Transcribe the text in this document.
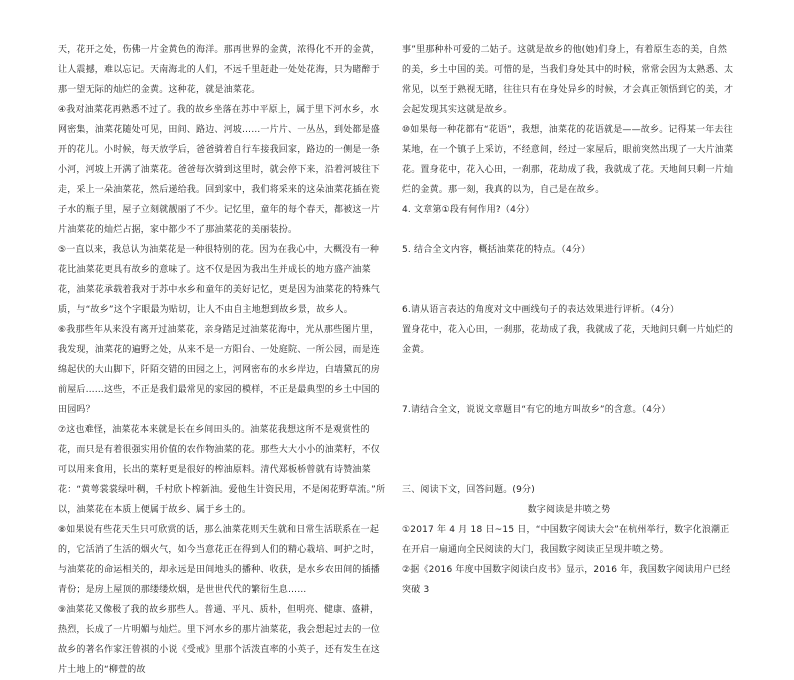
天，花开之处，伤佛一片金黄色的海洋。那再世界的金黄，浓得化不开的金黄，让人震撼，难以忘记。天南海北的人们，不远千里赶赴一处处花海，只为睹醉于那一望无际的灿烂的金黄。这种花，就是油菜花。

④我对油菜花再熟悉不过了。我的故乡坐落在苏中平原上，属于里下河水乡，水网密集，油菜花随处可见，田间、路边、河坡……一片片、一丛丛，到处都是盛开的花儿。小时候，每天放学后，爸爸骑着自行车接我回家，路边的一侧是一条小河，河坡上开满了油菜花。爸爸每次骑到这里时，就会停下来，沿着河坡往下走，采上一朵油菜花，然后递给我。回到家中，我们将采来的这朵油菜花插在瓷子水的瓶子里，屋子立刻就靓丽了不少。记忆里，童年的每个春天，都被这一片片油菜花的灿烂占据，家中都少不了那油菜花的美丽装扮。

⑤一直以来，我总认为油菜花是一种很特别的花。因为在我心中，大概没有一种花比油菜花更具有故乡的意味了。这不仅是因为我出生并成长的地方盛产油菜花，油菜花承载着我对于苏中水乡和童年的美好记忆，更是因为油菜花的特殊气质，与“故乡”这个字眼最为贴切，让人不由自主地想到故乡景，故乡人。

⑥我那些年从来没有离开过油菜花，亲身踏足过油菜花海中，光从那些图片里，我发现，油菜花的遍野之处，从来不是一方阳台、一处庭院、一所公园，而是连绵起伏的大山脚下，阡陌交错的田园之上，河网密布的水乡岸边，白墙黛瓦的房前屋后……这些，不正是我们最常见的家园的模样，不正是最典型的乡土中国的田园吗？

⑦这也难怪，油菜花本来就是长在乡间田头的。油菜花我想这所不是观赏性的花，而只是有着很强实用价值的农作物油菜的花。那些大大小小的油菜籽，不仅可以用来食用，长出的菜籽更是很好的榨油原料。清代郑板桥曾就有诗赞油菜花：“黄萼裳裳绿叶稠，千村欣卜榨新油。爱他生计资民用，不是闲花野草流。”所以，油菜花在本质上便属于故乡、属于乡土的。

⑧如果说有些花天生只可欣赏的话，那么油菜花则天生就和日常生活联系在一起的，它活消了生活的烟火气，如今当意花正在得到人们的精心栽培、呵护之时，与油菜花的命运相关的，却永远是田间地头的播种、收获，是水乡农田间的插播青份；是房上屋顶的那缕缕炊烟，是世世代代的繁衍生息……

⑨油菜花又像极了我的故乡那些人。普通、平凡、质朴，但明亮、健康、盛耕，热烈，长成了一片明媚与灿烂。里下河水乡的那片油菜花，我会想起过去的一位故乡的著名作家汪曾祺的小说《受戒》里那个活泼直率的小英子，还有发生在这片土地上的“柳萱的故

事”里那种朴可爱的二姑子。这就是故乡的他(她)们身上，有着原生态的美，自然的美，乡土中国的美。可惜的是，当我们身处其中的时候，常常会因为太熟悉、太常见，以至于熟视无睹，往往只有在身处异乡的时候，才会真正领悟到它的美，才会起发现其实这就是故乡。

⑩如果每一种花都有“花语”，我想，油菜花的花语就是——故乡。记得某一年去往某地，在一个镇子上采访，不经意间，经过一家屋后，眼前突然出现了一大片油菜花。置身花中，花入心田，一刹那，花劫成了我，我就成了花。天地间只剩一片灿烂的金黄。那一刻，我真的以为，自己是在故乡。

4. 文章第①段有何作用?（4分）

5. 结合全文内容，概括油菜花的特点。（4分）

6.请从语言表达的角度对文中画线句子的表达效果进行评析。（4分）

置身花中，花入心田，一刹那，花劫成了我，我就成了花，天地间只剩一片灿烂的金黄。

7.请结合全文，说说文章题目“有它的地方叫故乡”的含意。（4分）

三、阅读下文，回答问题。(9分)

数字阅读是井喷之势

①2017 年 4 月 18 日~15 日，“中国数字阅读大会”在杭州举行，数字化浪潮正在开启一扇通向全民阅读的大门，我国数字阅读正呈现井喷之势。

②据《2016 年度中国数字阅读白皮书》显示，2016 年，我国数字阅读用户已经突破 3
